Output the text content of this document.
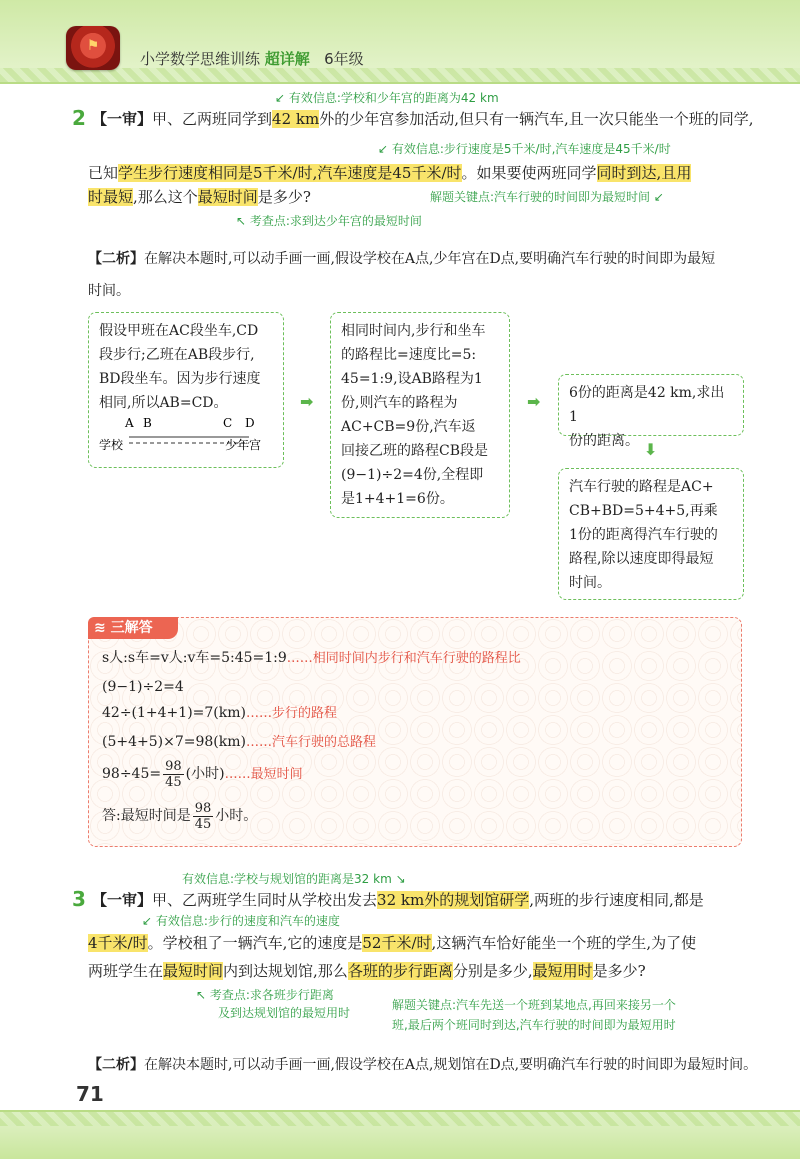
⚑
小学数学思维训练 超详解 6年级
↙ 有效信息:学校和少年宫的距离为42 km
2 【一审】甲、乙两班同学到42 km外的少年宫参加活动,但只有一辆汽车,且一次只能坐一个班的同学,
↙ 有效信息:步行速度是5千米/时,汽车速度是45千米/时
已知学生步行速度相同是5千米/时,汽车速度是45千米/时。如果要使两班同学同时到达,且用
时最短,那么这个最短时间是多少?	解题关键点:汽车行驶的时间即为最短时间 ↙
↖ 考查点:求到达少年宫的最短时间
【二析】在解决本题时,可以动手画一画,假设学校在A点,少年宫在D点,要明确汽车行驶的时间即为最短
时间。
假设甲班在AC段坐车,CD
段步行;乙班在AB段步行,
BD段坐车。因为步行速度
相同,所以AB=CD。
A B	C D
学校	少年宫
➡
相同时间内,步行和坐车
的路程比=速度比=5:
45=1:9,设AB路程为1
份,则汽车的路程为
AC+CB=9份,汽车返
回接乙班的路程CB段是
(9−1)÷2=4份,全程即
是1+4+1=6份。
➡ 6份的距离是42 km,求出1
份的距离。 ⬇
汽车行驶的路程是AC+
CB+BD=5+4+5,再乘
1份的距离得汽车行驶的
路程,除以速度即得最短
时间。
≋ 三解答
s人:s车=v人:v车=5:45=1:9……相同时间内步行和汽车行驶的路程比
(9−1)÷2=4
42÷(1+4+1)=7(km)……步行的路程
(5+4+5)×7=98(km)……汽车行驶的总路程
$98\div 45= \frac{98}{45}$ (小时)……最短时间
答:最短时间是 $\frac{98}{45}$ 小时。
有效信息:学校与规划馆的距离是32 km ↘
3 【一审】甲、乙两班学生同时从学校出发去32 km外的规划馆研学,两班的步行速度相同,都是
↙ 有效信息:步行的速度和汽车的速度
4千米/时。学校租了一辆汽车,它的速度是52千米/时,这辆汽车恰好能坐一个班的学生,为了使
两班学生在最短时间内到达规划馆,那么各班的步行距离分别是多少,最短用时是多少?
↖ 考查点:求各班步行距离
及到达规划馆的最短用时
解题关键点:汽车先送一个班到某地点,再回来接另一个
班,最后两个班同时到达,汽车行驶的时间即为最短用时
【二析】在解决本题时,可以动手画一画,假设学校在A点,规划馆在D点,要明确汽车行驶的时间即为最短时间。
71
